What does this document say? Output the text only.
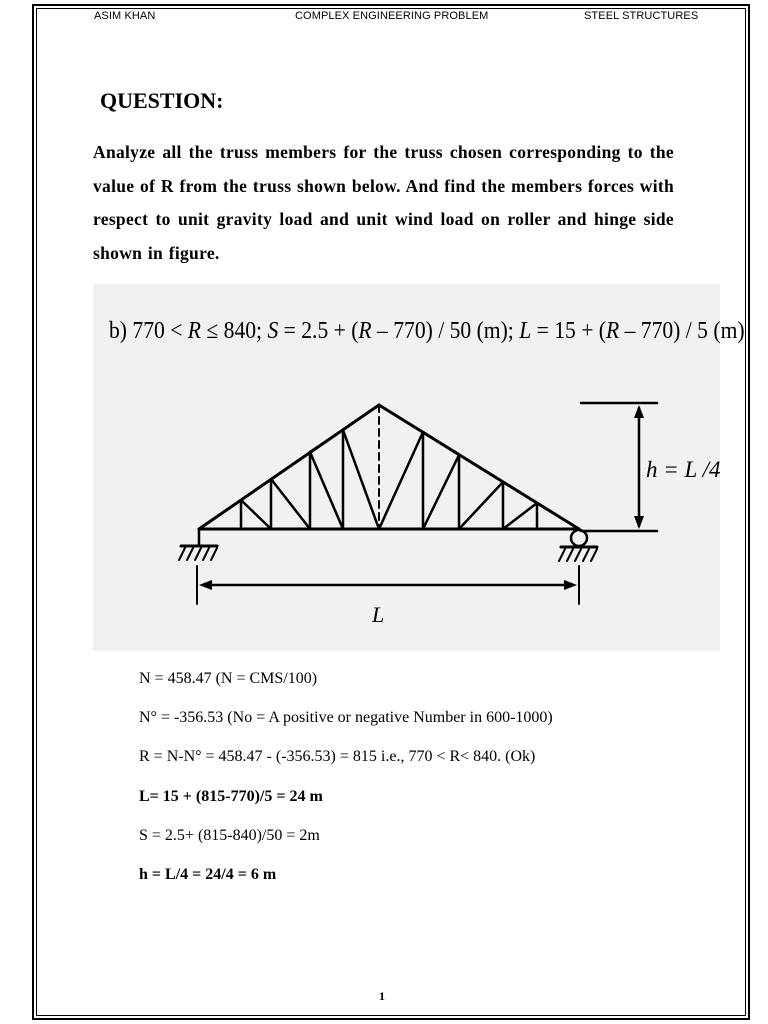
ASIM KHAN	COMPLEX ENGINEERING PROBLEM	STEEL STRUCTURES
QUESTION:
Analyze all the truss members for the truss chosen corresponding to the value of R from the truss shown below. And find the members forces with respect to unit gravity load and unit wind load on roller and hinge side shown in figure.
b) 770 < R ≤ 840; S = 2.5 + (R – 770) / 50 (m); L = 15 + (R – 770) / 5 (m)
h = L /4
L
N = 458.47 (N = CMS/100)
N° = -356.53 (No = A positive or negative Number in 600-1000)
R = N-N° = 458.47 - (-356.53) = 815 i.e., 770 < R< 840. (Ok)
L= 15 + (815-770)/5 = 24 m
S = 2.5+ (815-840)/50 = 2m
h = L/4 = 24/4 = 6 m
1
